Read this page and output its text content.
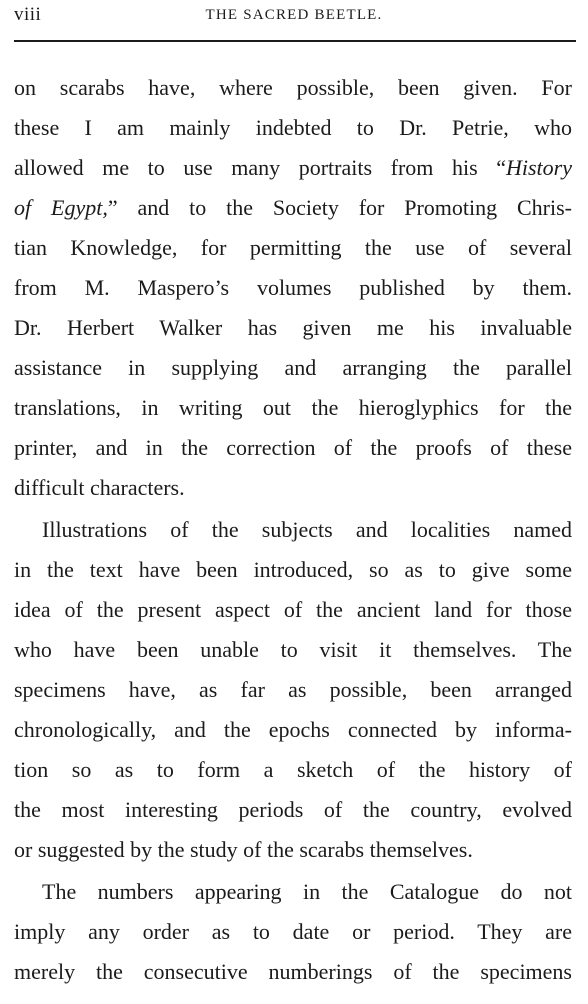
viii	THE SACRED BEETLE.
on scarabs have, where possible, been given. For
these I am mainly indebted to Dr. Petrie, who
allowed me to use many portraits from his “History
of Egypt,” and to the Society for Promoting Chris-
tian Knowledge, for permitting the use of several
from M. Maspero’s volumes published by them.
Dr. Herbert Walker has given me his invaluable
assistance in supplying and arranging the parallel
translations, in writing out the hieroglyphics for the
printer, and in the correction of the proofs of these
difficult characters.
Illustrations of the subjects and localities named
in the text have been introduced, so as to give some
idea of the present aspect of the ancient land for those
who have been unable to visit it themselves. The
specimens have, as far as possible, been arranged
chronologically, and the epochs connected by informa-
tion so as to form a sketch of the history of
the most interesting periods of the country, evolved
or suggested by the study of the scarabs themselves.
The numbers appearing in the Catalogue do not
imply any order as to date or period. They are
merely the consecutive numberings of the specimens
